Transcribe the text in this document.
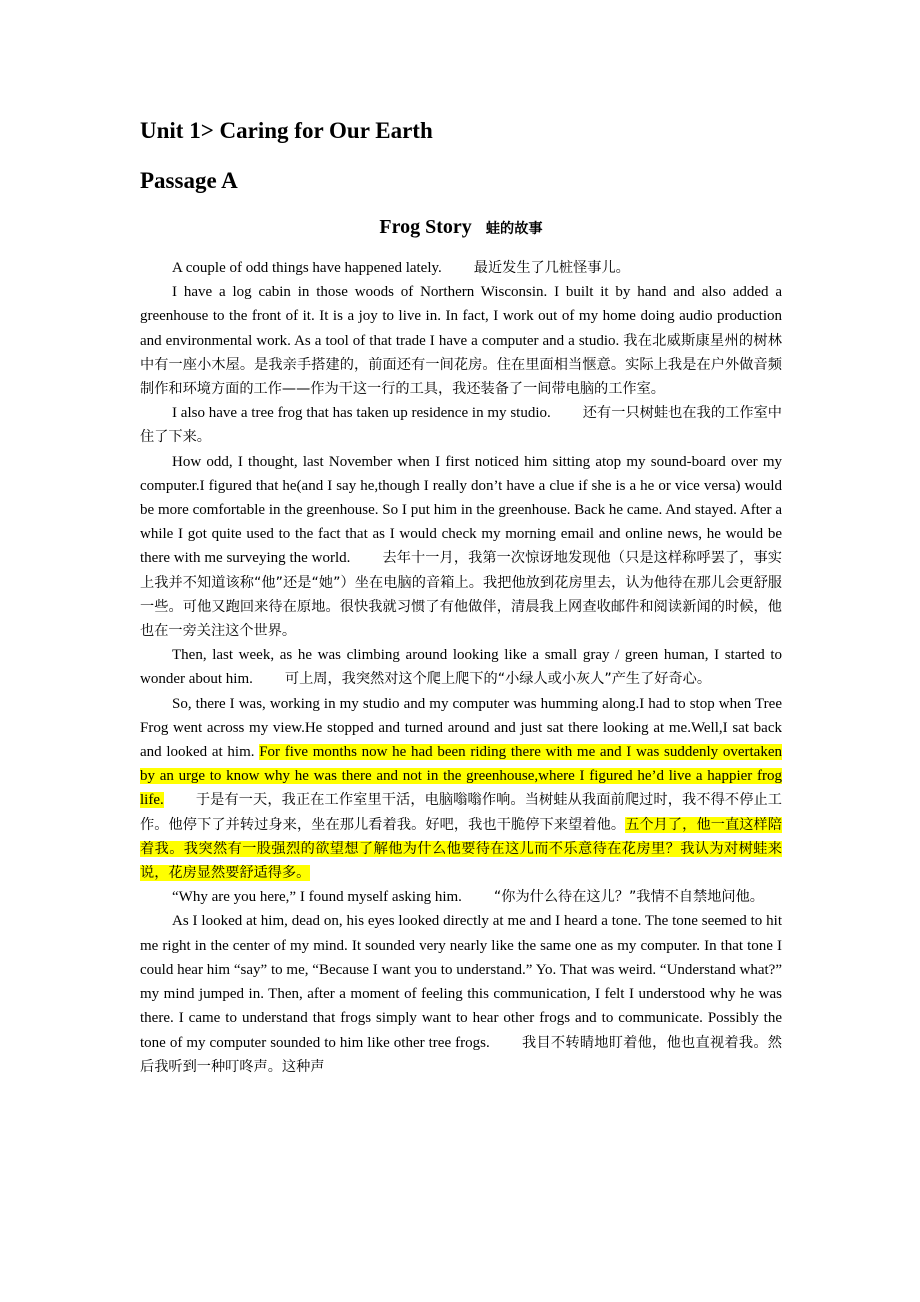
Unit 1> Caring for Our Earth
Passage A
Frog Story 蛙的故事

A couple of odd things have happened lately. 最近发生了几桩怪事儿。

I have a log cabin in those woods of Northern Wisconsin. I built it by hand and also added a greenhouse to the front of it. It is a joy to live in. In fact, I work out of my home doing audio production and environmental work. As a tool of that trade I have a computer and a studio. 我在北威斯康星州的树林中有一座小木屋。是我亲手搭建的，前面还有一间花房。住在里面相当惬意。实际上我是在户外做音频制作和环境方面的工作——作为干这一行的工具，我还装备了一间带电脑的工作室。

I also have a tree frog that has taken up residence in my studio. 还有一只树蛙也在我的工作室中住了下来。

How odd, I thought, last November when I first noticed him sitting atop my sound-board over my computer.I figured that he(and I say he,though I really don’t have a clue if she is a he or vice versa) would be more comfortable in the greenhouse. So I put him in the greenhouse. Back he came. And stayed. After a while I got quite used to the fact that as I would check my morning email and online news, he would be there with me surveying the world. 去年十一月，我第一次惊讶地发现他（只是这样称呼罢了，事实上我并不知道该称“他”还是“她”）坐在电脑的音箱上。我把他放到花房里去，认为他待在那儿会更舒服一些。可他又跑回来待在原地。很快我就习惯了有他做伴，清晨我上网查收邮件和阅读新闻的时候，他也在一旁关注这个世界。

Then, last week, as he was climbing around looking like a small gray / green human, I started to wonder about him. 可上周，我突然对这个爬上爬下的“小绿人或小灰人”产生了好奇心。

So, there I was, working in my studio and my computer was humming along.I had to stop when Tree Frog went across my view.He stopped and turned around and just sat there looking at me.Well,I sat back and looked at him. For five months now he had been riding there with me and I was suddenly overtaken by an urge to know why he was there and not in the greenhouse,where I figured he’d live a happier frog life. 于是有一天，我正在工作室里干活，电脑嗡嗡作响。当树蛙从我面前爬过时，我不得不停止工作。他停下了并转过身来，坐在那儿看着我。好吧，我也干脆停下来望着他。五个月了，他一直这样陪着我。我突然有一股强烈的欲望想了解他为什么他要待在这儿而不乐意待在花房里？我认为对树蛙来说，花房显然要舒适得多。

“Why are you here,” I found myself asking him. “你为什么待在这儿？”我情不自禁地问他。

As I looked at him, dead on, his eyes looked directly at me and I heard a tone. The tone seemed to hit me right in the center of my mind. It sounded very nearly like the same one as my computer. In that tone I could hear him “say” to me, “Because I want you to understand.” Yo. That was weird. “Understand what?” my mind jumped in. Then, after a moment of feeling this communication, I felt I understood why he was there. I came to understand that frogs simply want to hear other frogs and to communicate. Possibly the tone of my computer sounded to him like other tree frogs. 我目不转睛地盯着他，他也直视着我。然后我听到一种叮咚声。这种声
